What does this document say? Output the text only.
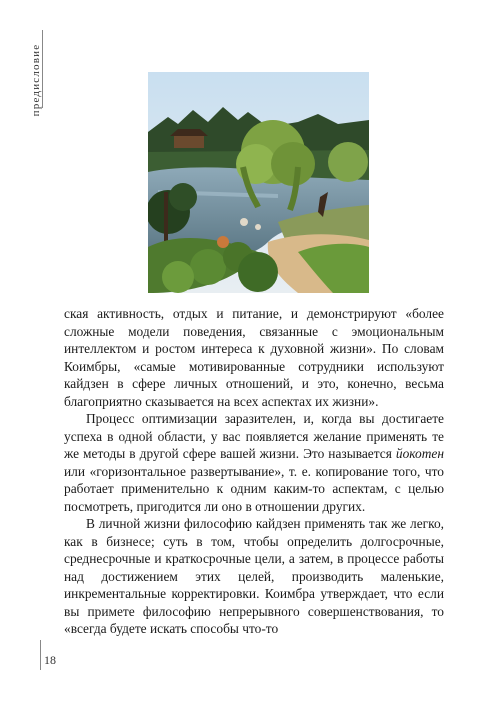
предисловие

ская активность, отдых и питание, и демонстрируют «более сложные модели поведения, связанные с эмоциональным интеллектом и ростом интереса к духовной жизни». По словам Коимбры, «самые мотивированные сотрудники используют кайдзен в сфере личных отношений, и это, конечно, весьма благоприятно сказывается на всех аспектах их жизни».

Процесс оптимизации заразителен, и, когда вы достигаете успеха в одной области, у вас появляется желание применять те же методы в другой сфере вашей жизни. Это называется йокотен или «горизонтальное развертывание», т. е. копирование того, что работает применительно к одним каким-то аспектам, с целью посмотреть, пригодится ли оно в отношении других.

В личной жизни философию кайдзен применять так же легко, как в бизнесе; суть в том, чтобы определить долгосрочные, среднесрочные и краткосрочные цели, а затем, в процессе работы над достижением этих целей, производить маленькие, инкрементальные корректировки. Коимбра утверждает, что если вы примете философию непрерывного совершенствования, то «всегда будете искать способы что-то

18
